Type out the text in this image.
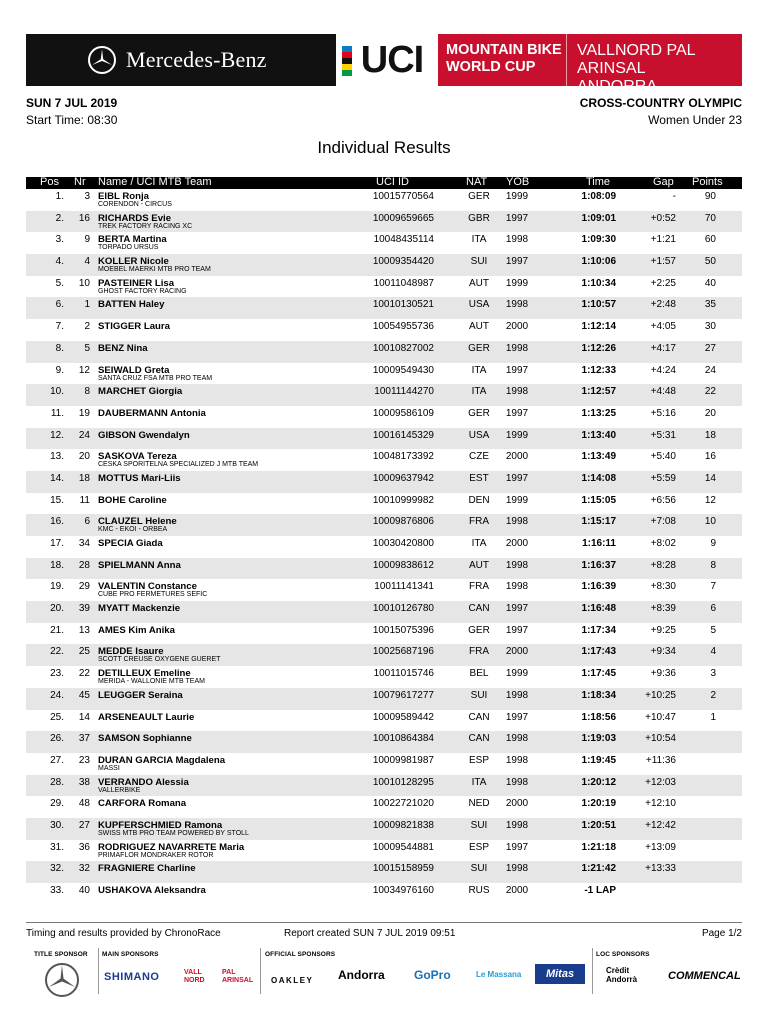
Mercedes-Benz UCI MOUNTAIN BIKE
WORLD CUP
VALLNORD PAL ARINSAL
ANDORRA
SUN 7 JUL 2019
Start Time: 08:30
CROSS-COUNTRY OLYMPIC
Women Under 23
Individual Results
Pos Nr Name / UCI MTB Team	UCI ID	NAT YOB	Time	Gap Points
1.	3 EIBL Ronja
CORENDON - CIRCUS
10015770564	GER	1999	1:08:09	-	90
2.	16 RICHARDS Evie
TREK FACTORY RACING XC
10009659665	GBR	1997	1:09:01	+0:52	70
3.	9 BERTA Martina
TORPADO URSUS
10048435114	ITA	1998	1:09:30	+1:21	60
4.	4 KOLLER Nicole
MOEBEL MAERKI MTB PRO TEAM
10009354420	SUI	1997	1:10:06	+1:57	50
5.	10 PASTEINER Lisa
GHOST FACTORY RACING
10011048987	AUT	1999	1:10:34	+2:25	40
6.	1 BATTEN Haley	10010130521	USA	1998	1:10:57	+2:48	35
7.	2 STIGGER Laura	10054955736	AUT	2000	1:12:14	+4:05	30
8.	5 BENZ Nina	10010827002	GER	1998	1:12:26	+4:17	27
9.	12 SEIWALD Greta
SANTA CRUZ FSA MTB PRO TEAM
10009549430	ITA	1997	1:12:33	+4:24	24
10.	8 MARCHET Giorgia	10011144270	ITA	1998	1:12:57	+4:48	22
11.	19 DAUBERMANN Antonia	10009586109	GER	1997	1:13:25	+5:16	20
12.	24 GIBSON Gwendalyn	10016145329	USA	1999	1:13:40	+5:31	18
13.	20 SASKOVA Tereza
CESKA SPORITELNA SPECIALIZED J MTB TEAM
10048173392	CZE	2000	1:13:49	+5:40	16
14.	18 MOTTUS Mari-Liis	10009637942	EST	1997	1:14:08	+5:59	14
15.	11 BOHE Caroline	10010999982	DEN	1999	1:15:05	+6:56	12
16.	6 CLAUZEL Helene
KMC - EKOI - ORBEA
10009876806	FRA	1998	1:15:17	+7:08	10
17.	34 SPECIA Giada	10030420800	ITA	2000	1:16:11	+8:02	9
18.	28 SPIELMANN Anna	10009838612	AUT	1998	1:16:37	+8:28	8
19.	29 VALENTIN Constance
CUBE PRO FERMETURES SEFIC
10011141341	FRA	1998	1:16:39	+8:30	7
20.	39 MYATT Mackenzie	10010126780	CAN	1997	1:16:48	+8:39	6
21.	13 AMES Kim Anika	10015075396	GER	1997	1:17:34	+9:25	5
22.	25 MEDDE Isaure
SCOTT CREUSE OXYGENE GUERET
10025687196	FRA	2000	1:17:43	+9:34	4
23.	22 DETILLEUX Emeline
MERIDA - WALLONIE MTB TEAM
10011015746	BEL	1999	1:17:45	+9:36	3
24.	45 LEUGGER Seraina	10079617277	SUI	1998	1:18:34	+10:25	2
25.	14 ARSENEAULT Laurie	10009589442	CAN	1997	1:18:56	+10:47	1
26.	37 SAMSON Sophianne	10010864384	CAN	1998	1:19:03	+10:54
27.	23 DURAN GARCIA Magdalena
MASSI
10009981987	ESP	1998	1:19:45	+11:36
28.	38 VERRANDO Alessia
VALLERBIKE
10010128295	ITA	1998	1:20:12	+12:03
29.	48 CARFORA Romana	10022721020	NED	2000	1:20:19	+12:10
30.	27 KUPFERSCHMIED Ramona
SWISS MTB PRO TEAM POWERED BY STOLL
10009821838	SUI	1998	1:20:51	+12:42
31.	36 RODRIGUEZ NAVARRETE Maria
PRIMAFLOR MONDRAKER ROTOR
10009544881	ESP	1997	1:21:18	+13:09
32.	32 FRAGNIERE Charline	10015158959	SUI	1998	1:21:42	+13:33
33.	40 USHAKOVA Aleksandra	10034976160	RUS	2000	-1 LAP
Timing and results provided by ChronoRace	Report created SUN 7 JUL 2019 09:51	Page 1/2
TITLE SPONSOR MAIN SPONSORS	OFFICIAL SPONSORS	LOC SPONSORS
SHIMANO	VALL NORD
PAL ARINSAL OAKLEY Andorra GoPro	Le Massana	Mitas	Crèdit Andorrà	COMMENCAL
